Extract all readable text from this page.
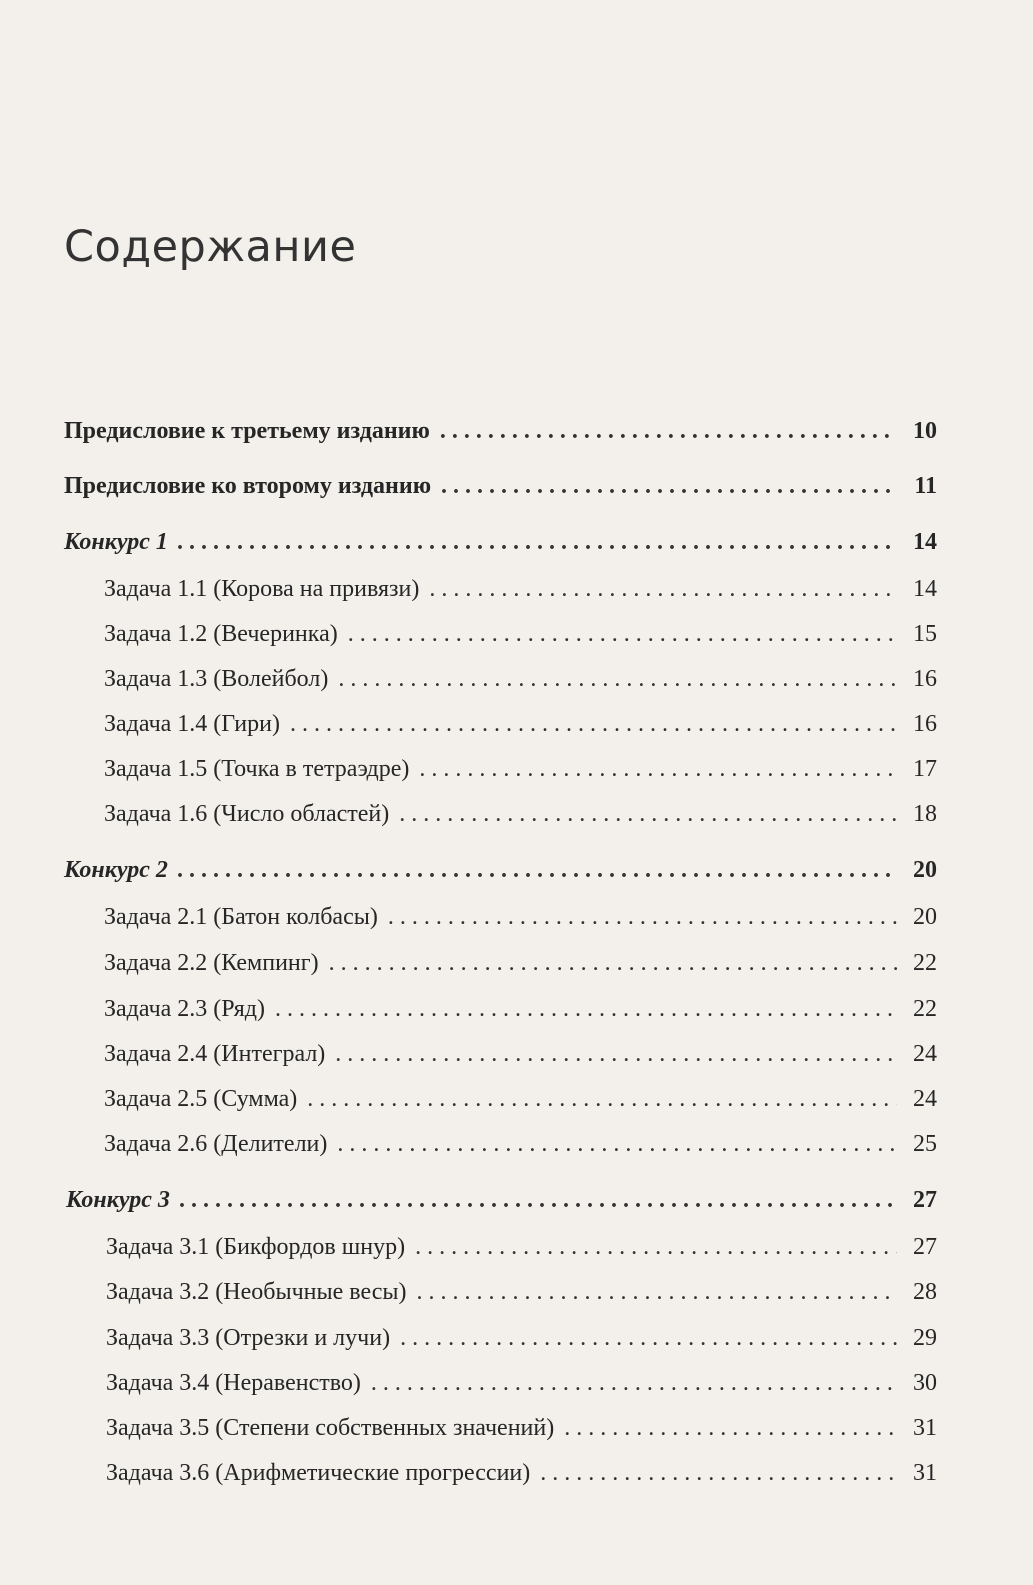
Содержание
Предисловие к третьему изданию . . .	10
Предисловие ко второму изданию . . .	11
Конкурс 1 . . .	14
Задача 1.1 (Корова на привязи) . . .	14
Задача 1.2 (Вечеринка) . . .	15
Задача 1.3 (Волейбол) . . .	16
Задача 1.4 (Гири) . . .	16
Задача 1.5 (Точка в тетраэдре) . . .	17
Задача 1.6 (Число областей) . . .	18
Конкурс 2 . . .	20
Задача 2.1 (Батон колбасы) . . .	20
Задача 2.2 (Кемпинг) . . .	22
Задача 2.3 (Ряд) . . .	22
Задача 2.4 (Интеграл) . . .	24
Задача 2.5 (Сумма) . . .	24
Задача 2.6 (Делители) . . .	25
Конкурс 3 . . .	27
Задача 3.1 (Бикфордов шнур) . . .	27
Задача 3.2 (Необычные весы) . . .	28
Задача 3.3 (Отрезки и лучи) . . .	29
Задача 3.4 (Неравенство) . . .	30
Задача 3.5 (Степени собственных значений) . . .	31
Задача 3.6 (Арифметические прогрессии) . . .	31
